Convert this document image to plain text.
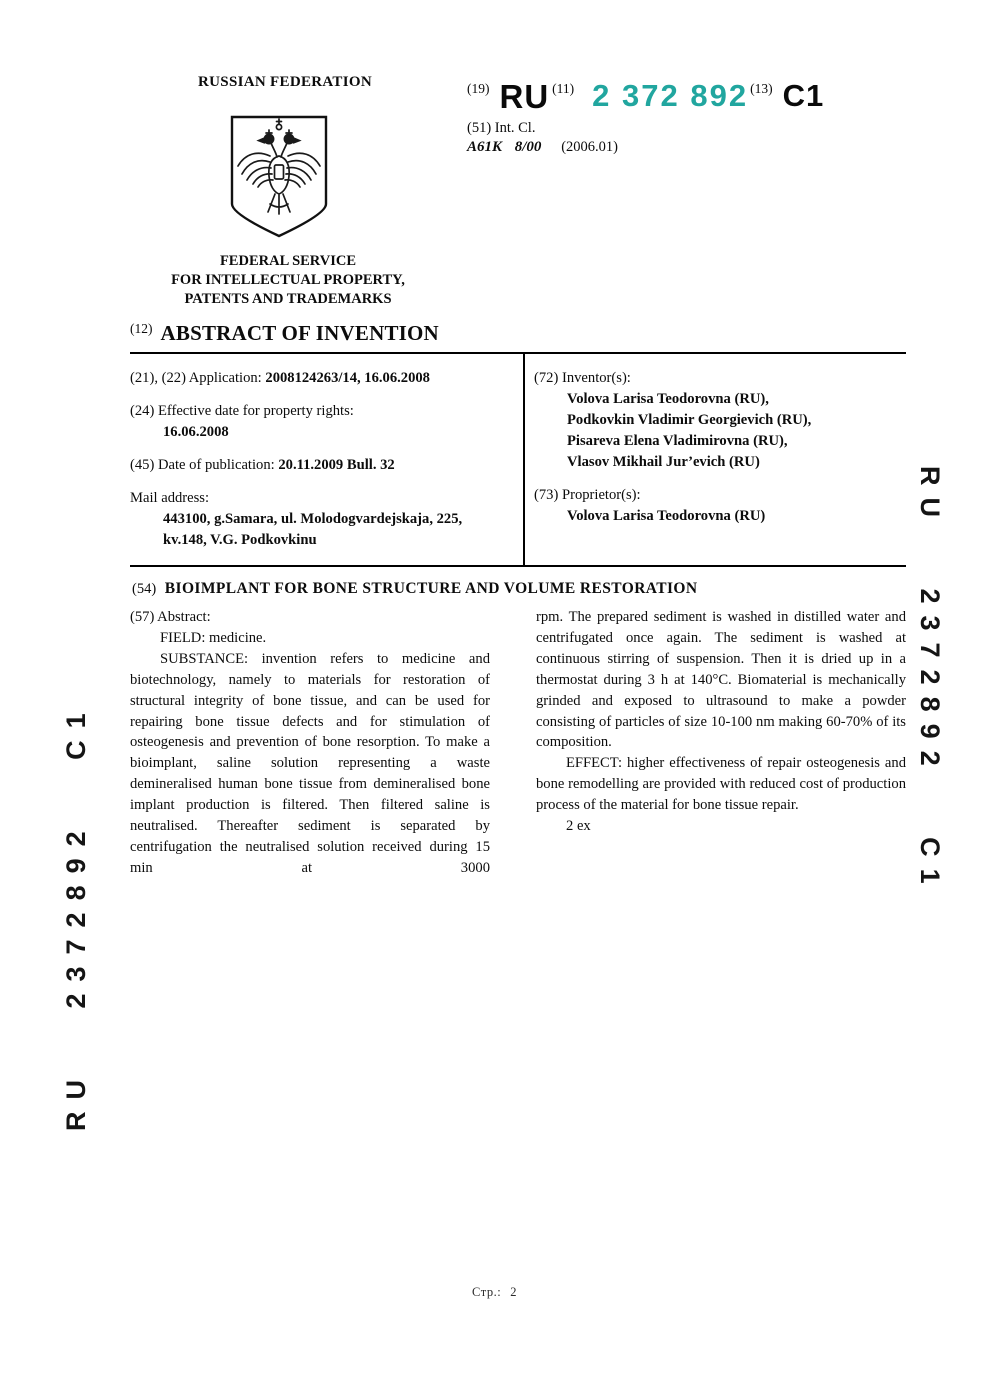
RU 2372892 C1
RU 2372892 C1
RUSSIAN FEDERATION
FEDERAL SERVICE
FOR INTELLECTUAL PROPERTY,
PATENTS AND TRADEMARKS
(19) RU (11) 2 372 892 (13) C1
(51) Int. Cl.
A61K 8/00 (2006.01)
$^{(12)}$ ABSTRACT OF INVENTION
(21), (22) Application: 2008124263/14, 16.06.2008
(24) Effective date for property rights:
16.06.2008
(45) Date of publication: 20.11.2009 Bull. 32
Mail address:
443100, g.Samara, ul. Molodogvardejskaja, 225,
kv.148, V.G. Podkovkinu
(72) Inventor(s):
Volova Larisa Teodorovna (RU),
Podkovkin Vladimir Georgievich (RU),
Pisareva Elena Vladimirovna (RU),
Vlasov Mikhail Jur’evich (RU)
(73) Proprietor(s):
Volova Larisa Teodorovna (RU)
(54) BIOIMPLANT FOR BONE STRUCTURE AND VOLUME RESTORATION
(57) Abstract:

FIELD: medicine.

SUBSTANCE: invention refers to medicine and biotechnology, namely to materials for restoration of structural integrity of bone tissue, and can be used for repairing bone tissue defects and for stimulation of osteogenesis and prevention of bone resorption. To make a bioimplant, saline solution representing a waste demineralised human bone tissue from demineralised bone implant production is filtered. Then filtered saline is neutralised. Thereafter sediment is separated by centrifugation the neutralised solution received during 15 min at 3000

rpm. The prepared sediment is washed in distilled water and centrifugated once again. The sediment is washed at continuous stirring of suspension. Then it is dried up in a thermostat during 3 h at 140°C. Biomaterial is mechanically grinded and exposed to ultrasound to make a powder consisting of particles of size 10-100 nm making 60-70% of its composition.

EFFECT: higher effectiveness of repair osteogenesis and bone remodelling are provided with reduced cost of production process of the material for bone tissue repair.

2 ex

Стр.: 2
